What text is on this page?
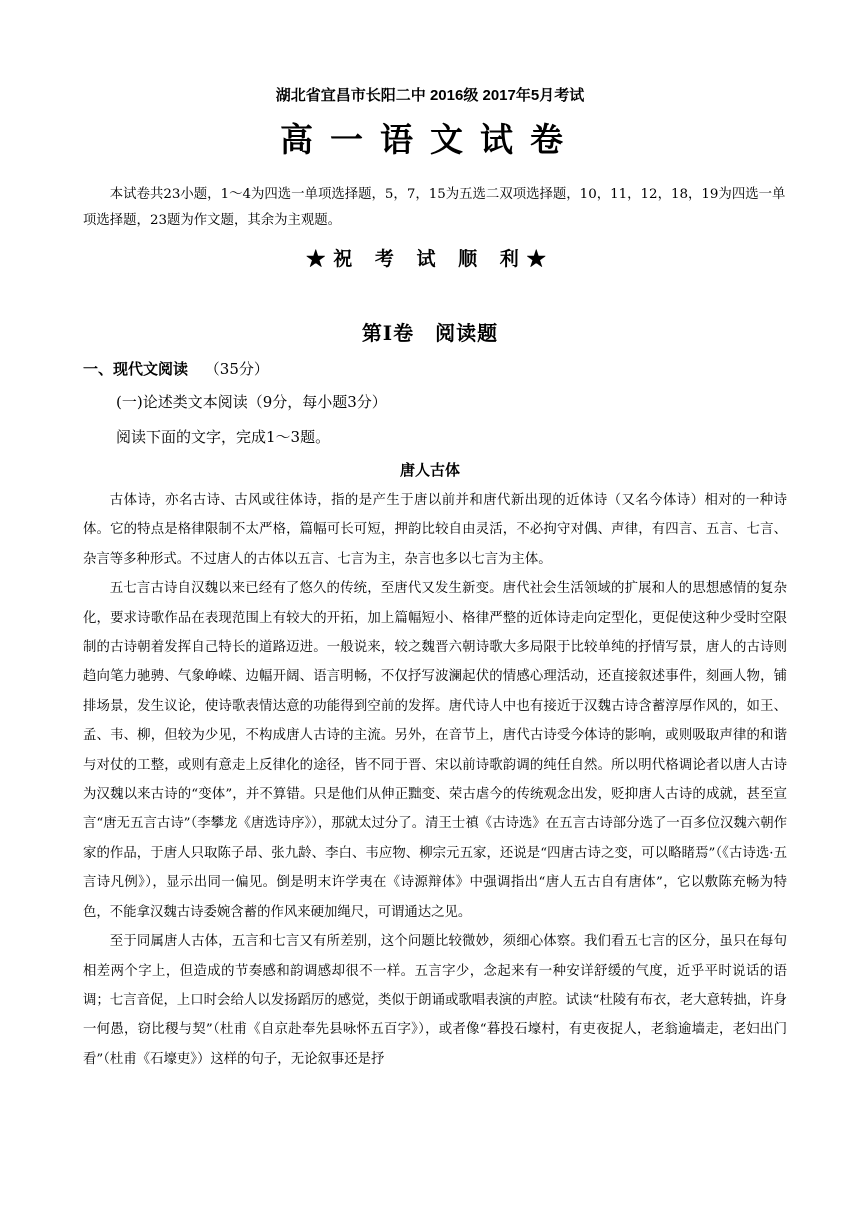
湖北省宜昌市长阳二中 2016级 2017年5月考试
高一语文试卷
本试卷共23小题，1～4为四选一单项选择题，5，7，15为五选二双项选择题，10，11，12，18，19为四选一单项选择题，23题为作文题，其余为主观题。
★祝 考 试 顺 利★
第Ⅰ卷　阅读题
一、现代文阅读 （35分）
(一)论述类文本阅读（9分，每小题3分）
阅读下面的文字，完成1～3题。
唐人古体

古体诗，亦名古诗、古风或往体诗，指的是产生于唐以前并和唐代新出现的近体诗（又名今体诗）相对的一种诗体。它的特点是格律限制不太严格，篇幅可长可短，押韵比较自由灵活，不必拘守对偶、声律，有四言、五言、七言、杂言等多种形式。不过唐人的古体以五言、七言为主，杂言也多以七言为主体。

五七言古诗自汉魏以来已经有了悠久的传统，至唐代又发生新变。唐代社会生活领域的扩展和人的思想感情的复杂化，要求诗歌作品在表现范围上有较大的开拓，加上篇幅短小、格律严整的近体诗走向定型化，更促使这种少受时空限制的古诗朝着发挥自己特长的道路迈进。一般说来，较之魏晋六朝诗歌大多局限于比较单纯的抒情写景，唐人的古诗则趋向笔力驰骋、气象峥嵘、边幅开阔、语言明畅，不仅抒写波澜起伏的情感心理活动，还直接叙述事件，刻画人物，铺排场景，发生议论，使诗歌表情达意的功能得到空前的发挥。唐代诗人中也有接近于汉魏古诗含蓄淳厚作风的，如王、孟、韦、柳，但较为少见，不构成唐人古诗的主流。另外，在音节上，唐代古诗受今体诗的影响，或则吸取声律的和谐与对仗的工整，或则有意走上反律化的途径，皆不同于晋、宋以前诗歌韵调的纯任自然。所以明代格调论者以唐人古诗为汉魏以来古诗的“变体”，并不算错。只是他们从伸正黜变、荣古虐今的传统观念出发，贬抑唐人古诗的成就，甚至宣言“唐无五言古诗”（李攀龙《唐选诗序》），那就太过分了。清王士禛《古诗选》在五言古诗部分选了一百多位汉魏六朝作家的作品，于唐人只取陈子昂、张九龄、李白、韦应物、柳宗元五家，还说是“四唐古诗之变，可以略睹焉”（《古诗选·五言诗凡例》），显示出同一偏见。倒是明末许学夷在《诗源辩体》中强调指出“唐人五古自有唐体”，它以敷陈充畅为特色，不能拿汉魏古诗委婉含蓄的作风来硬加绳尺，可谓通达之见。

至于同属唐人古体，五言和七言又有所差别，这个问题比较微妙，须细心体察。我们看五七言的区分，虽只在每句相差两个字上，但造成的节奏感和韵调感却很不一样。五言字少，念起来有一种安详舒缓的气度，近乎平时说话的语调；七言音促，上口时会给人以发扬蹈厉的感觉，类似于朗诵或歌唱表演的声腔。试读“杜陵有布衣，老大意转拙，许身一何愚，窃比稷与契”（杜甫《自京赴奉先县咏怀五百字》），或者像“暮投石壕村，有吏夜捉人，老翁逾墙走，老妇出门看”（杜甫《石壕吏》）这样的句子，无论叙事还是抒
